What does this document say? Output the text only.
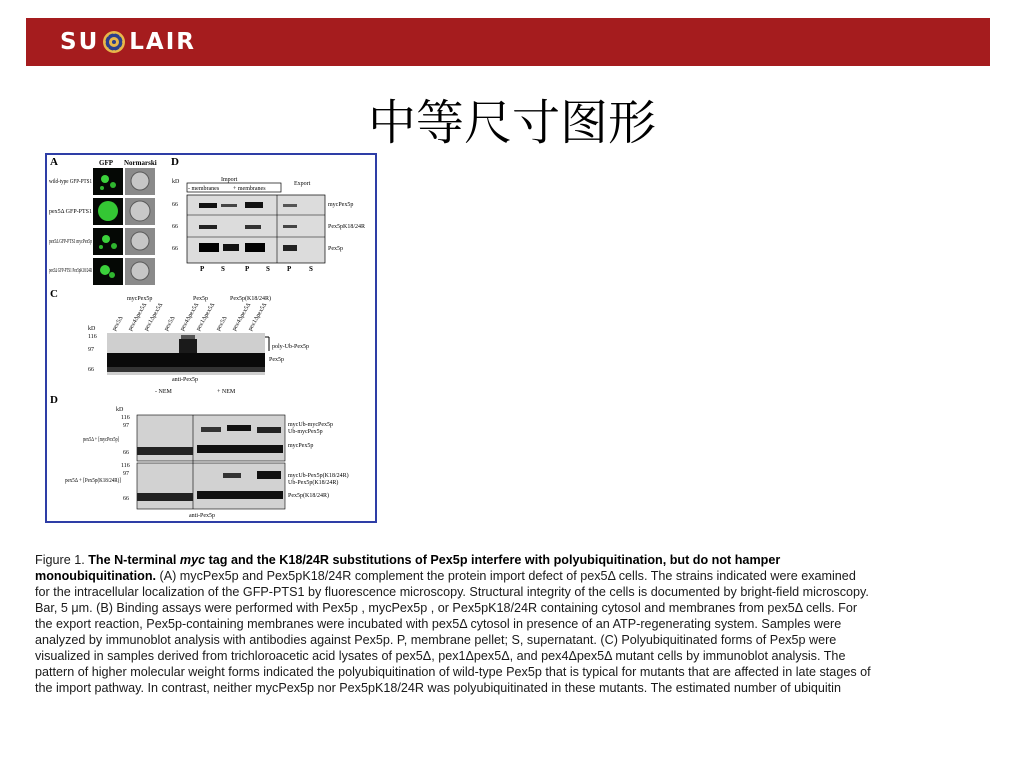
SU LAIR
中等尺寸图形
A	GFP Normarski
wild-type GFP-PTS1
pex5Δ GFP-PTS1
pex5Δ GFP-PTS1 mycPex5p
pex5Δ GFP-PTS1 Pex5pK18/24R
D
kD	Import
Export
- membranes + membranes
66
66
66
mycPex5p
Pex5pK18/24R
Pex5p
P S	P S P	S
C	mycPex5p	Pex5p	Pex5p(K18/24R)
pex5Δ pex4Δpex5Δ
pex1Δpex5Δ pex5Δ pex4Δpex5Δ
pex1Δpex5Δ pex5Δ pex4Δpex5Δ
pex1Δpex5Δ
kD
116
97
66
poly-Ub-Pex5p
Pex5p
anti-Pex5p
D
- NEM	+ NEM
kD
pex5Δ + [mycPex5p]
pex5Δ + [Pex5p(K18/24R)]
116
97
66
116
97
66
mycUb-mycPex5p
Ub-mycPex5p
mycPex5p
mycUb-Pex5p(K18/24R)
Ub-Pex5p(K18/24R)
Pex5p(K18/24R)
anti-Pex5p
Figure 1. The N-terminal myc tag and the K18/24R substitutions of Pex5p interfere with polyubiquitination, but do not hamper
monoubiquitination. (A) mycPex5p and Pex5pK18/24R complement the protein import defect of pex5Δ cells. The strains indicated were examined
for the intracellular localization of the GFP-PTS1 by fluorescence microscopy. Structural integrity of the cells is documented by bright-field microscopy.
Bar, 5 μm. (B) Binding assays were performed with Pex5p , mycPex5p , or Pex5pK18/24R containing cytosol and membranes from pex5Δ cells. For
the export reaction, Pex5p-containing membranes were incubated with pex5Δ cytosol in presence of an ATP-regenerating system. Samples were
analyzed by immunoblot analysis with antibodies against Pex5p. P, membrane pellet; S, supernatant. (C) Polyubiquitinated forms of Pex5p were
visualized in samples derived from trichloroacetic acid lysates of pex5Δ, pex1Δpex5Δ, and pex4Δpex5Δ mutant cells by immunoblot analysis. The
pattern of higher molecular weight forms indicated the polyubiquitination of wild-type Pex5p that is typical for mutants that are affected in late stages of
the import pathway. In contrast, neither mycPex5p nor Pex5pK18/24R was polyubiquitinated in these mutants. The estimated number of ubiquitin
